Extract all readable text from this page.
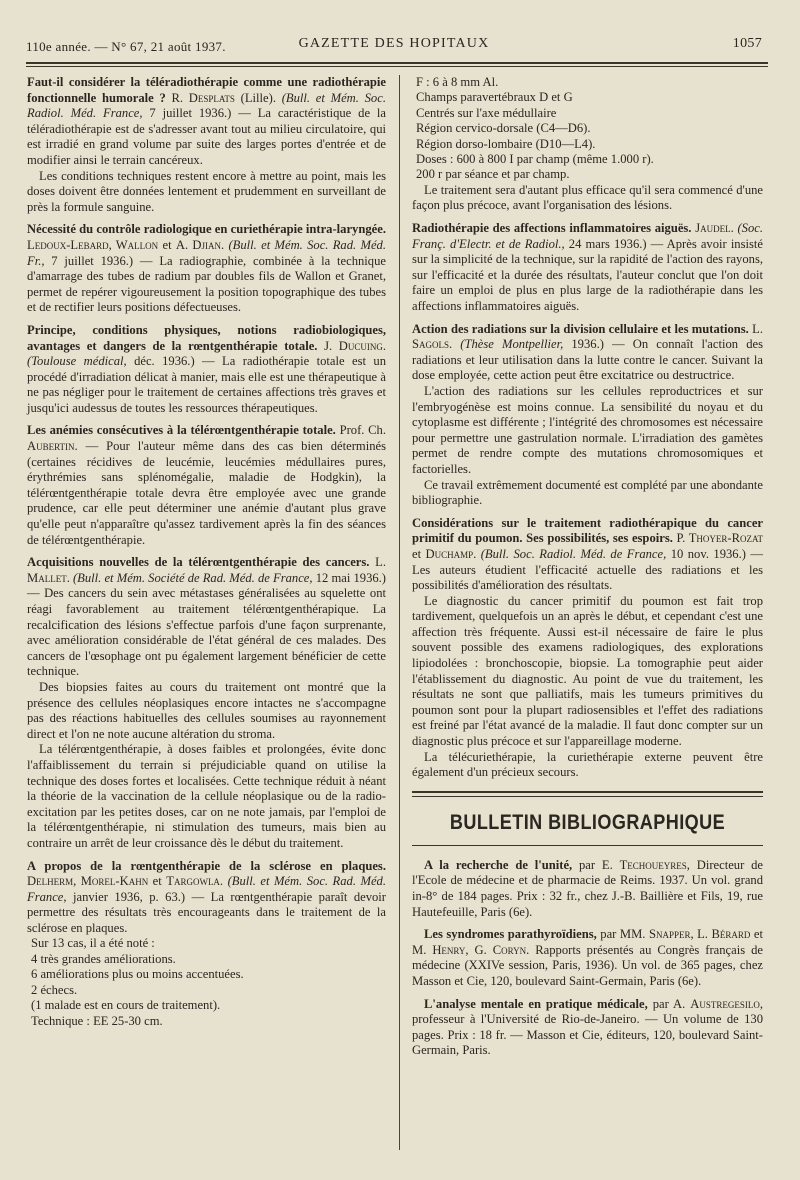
110e année. — N° 67, 21 août 1937.	GAZETTE DES HOPITAUX	1057

Faut-il considérer la téléradiothérapie comme une radiothérapie fonctionnelle humorale ? R. Desplats (Lille). (Bull. et Mém. Soc. Radiol. Méd. France, 7 juillet 1936.) — La caractéristique de la téléradiothérapie est de s'adresser avant tout au milieu circulatoire, qui est irradié en grand volume par suite des larges portes d'entrée et de modifier ainsi le terrain cancéreux.

Les conditions techniques restent encore à mettre au point, mais les doses doivent être données lentement et prudemment en surveillant de près la formule sanguine.

Nécessité du contrôle radiologique en curiethérapie intra-laryngée. Ledoux-Lebard, Wallon et A. Djian. (Bull. et Mém. Soc. Rad. Méd. Fr., 7 juillet 1936.) — La radiographie, combinée à la technique d'amarrage des tubes de radium par doubles fils de Wallon et Granet, permet de repérer vigoureusement la position topographique des tubes et de rectifier leurs positions défectueuses.

Principe, conditions physiques, notions radiobiologiques, avantages et dangers de la rœntgenthérapie totale. J. Ducuing. (Toulouse médical, déc. 1936.) — La radiothérapie totale est un procédé d'irradiation délicat à manier, mais elle est une thérapeutique à ne pas négliger pour le traitement de certaines affections très graves et jusqu'ici audessus de toutes les ressources thérapeutiques.

Les anémies consécutives à la télérœntgenthérapie totale. Prof. Ch. Aubertin. — Pour l'auteur même dans des cas bien déterminés (certaines récidives de leucémie, leucémies médullaires pures, érythrémies sans splénomégalie, maladie de Hodgkin), la télérœntgenthérapie totale devra être employée avec une grande prudence, car elle peut déterminer une anémie d'autant plus grave qu'elle peut n'apparaître qu'assez tardivement après la fin des séances de télérœntgenthérapie.

Acquisitions nouvelles de la télérœntgenthérapie des cancers. L. Mallet. (Bull. et Mém. Société de Rad. Méd. de France, 12 mai 1936.) — Des cancers du sein avec métastases généralisées au squelette ont réagi favorablement au traitement télérœntgenthérapique. La recalcification des lésions s'effectue parfois d'une façon surprenante, avec amélioration considérable de l'état général de ces malades. Des cancers de l'œsophage ont pu également largement bénéficier de cette technique.

Des biopsies faites au cours du traitement ont montré que la présence des cellules néoplasiques encore intactes ne s'accompagne pas des réactions habituelles des cellules soumises au rayonnement direct et l'on ne note aucune altération du stroma.

La télérœntgenthérapie, à doses faibles et prolongées, évite donc l'affaiblissement du terrain si préjudiciable quand on utilise la technique des doses fortes et localisées. Cette technique réduit à néant la théorie de la vaccination de la cellule néoplasique ou de la radio-excitation par les petites doses, car on ne note jamais, par l'emploi de la télérœntgenthérapie, ni stimulation des tumeurs, mais bien au contraire un arrêt de leur croissance dès le début du traitement.

A propos de la rœntgenthérapie de la sclérose en plaques. Delherm, Morel-Kahn et Targowla. (Bull. et Mém. Soc. Rad. Méd. France, janvier 1936, p. 63.) — La rœntgenthérapie paraît devoir permettre des résultats très encourageants dans le traitement de la sclérose en plaques.

Sur 13 cas, il a été noté :
4 très grandes améliorations.
6 améliorations plus ou moins accentuées.
2 échecs.
(1 malade est en cours de traitement).
Technique : EE 25-30 cm.
F : 6 à 8 mm Al.
Champs paravertébraux D et G
Centrés sur l'axe médullaire
Région cervico-dorsale (C4—D6).
Région dorso-lombaire (D10—L4).
Doses : 600 à 800 I par champ (même 1.000 r).
200 r par séance et par champ.

Le traitement sera d'autant plus efficace qu'il sera commencé d'une façon plus précoce, avant l'organisation des lésions.

Radiothérapie des affections inflammatoires aiguës. Jaudel. (Soc. Franç. d'Electr. et de Radiol., 24 mars 1936.) — Après avoir insisté sur la simplicité de la technique, sur la rapidité de l'action des rayons, sur l'efficacité et la durée des résultats, l'auteur conclut que l'on doit faire un emploi de plus en plus large de la radiothérapie dans les affections inflammatoires aiguës.

Action des radiations sur la division cellulaire et les mutations. L. Sagols. (Thèse Montpellier, 1936.) — On connaît l'action des radiations et leur utilisation dans la lutte contre le cancer. Suivant la dose employée, cette action peut être excitatrice ou destructrice.

L'action des radiations sur les cellules reproductrices et sur l'embryogénèse est moins connue. La sensibilité du noyau et du cytoplasme est différente ; l'intégrité des chromosomes est nécessaire pour permettre une gastrulation normale. L'irradiation des gamètes permet de rendre compte des mutations chromosomiques et factorielles.

Ce travail extrêmement documenté est complété par une abondante bibliographie.

Considérations sur le traitement radiothérapique du cancer primitif du poumon. Ses possibilités, ses espoirs. P. Thoyer-Rozat et Duchamp. (Bull. Soc. Radiol. Méd. de France, 10 nov. 1936.) — Les auteurs étudient l'efficacité actuelle des radiations et les possibilités d'amélioration des résultats.

Le diagnostic du cancer primitif du poumon est fait trop tardivement, quelquefois un an après le début, et cependant c'est une affection très fréquente. Aussi est-il nécessaire de faire le plus souvent possible des examens radiologiques, des explorations lipiodolées : bronchoscopie, biopsie. La tomographie peut aider l'établissement du diagnostic. Au point de vue du traitement, les résultats ne sont que palliatifs, mais les tumeurs primitives du poumon sont pour la plupart radiosensibles et l'effet des radiations est freiné par l'état avancé de la maladie. Il faut donc compter sur un diagnostic plus précoce et sur l'appareillage moderne.

La télécuriethérapie, la curiethérapie externe peuvent être également d'un précieux secours.

BULLETIN BIBLIOGRAPHIQUE

A la recherche de l'unité, par E. Techoueyres, Directeur de l'Ecole de médecine et de pharmacie de Reims. 1937. Un vol. grand in-8° de 184 pages. Prix : 32 fr., chez J.-B. Baillière et Fils, 19, rue Hautefeuille, Paris (6e).

Les syndromes parathyroïdiens, par MM. Snapper, L. Bérard et M. Henry, G. Coryn. Rapports présentés au Congrès français de médecine (XXIVe session, Paris, 1936). Un vol. de 365 pages, chez Masson et Cie, 120, boulevard Saint-Germain, Paris (6e).

L'analyse mentale en pratique médicale, par A. Austregesilo, professeur à l'Université de Rio-de-Janeiro. — Un volume de 130 pages. Prix : 18 fr. — Masson et Cie, éditeurs, 120, boulevard Saint-Germain, Paris.
